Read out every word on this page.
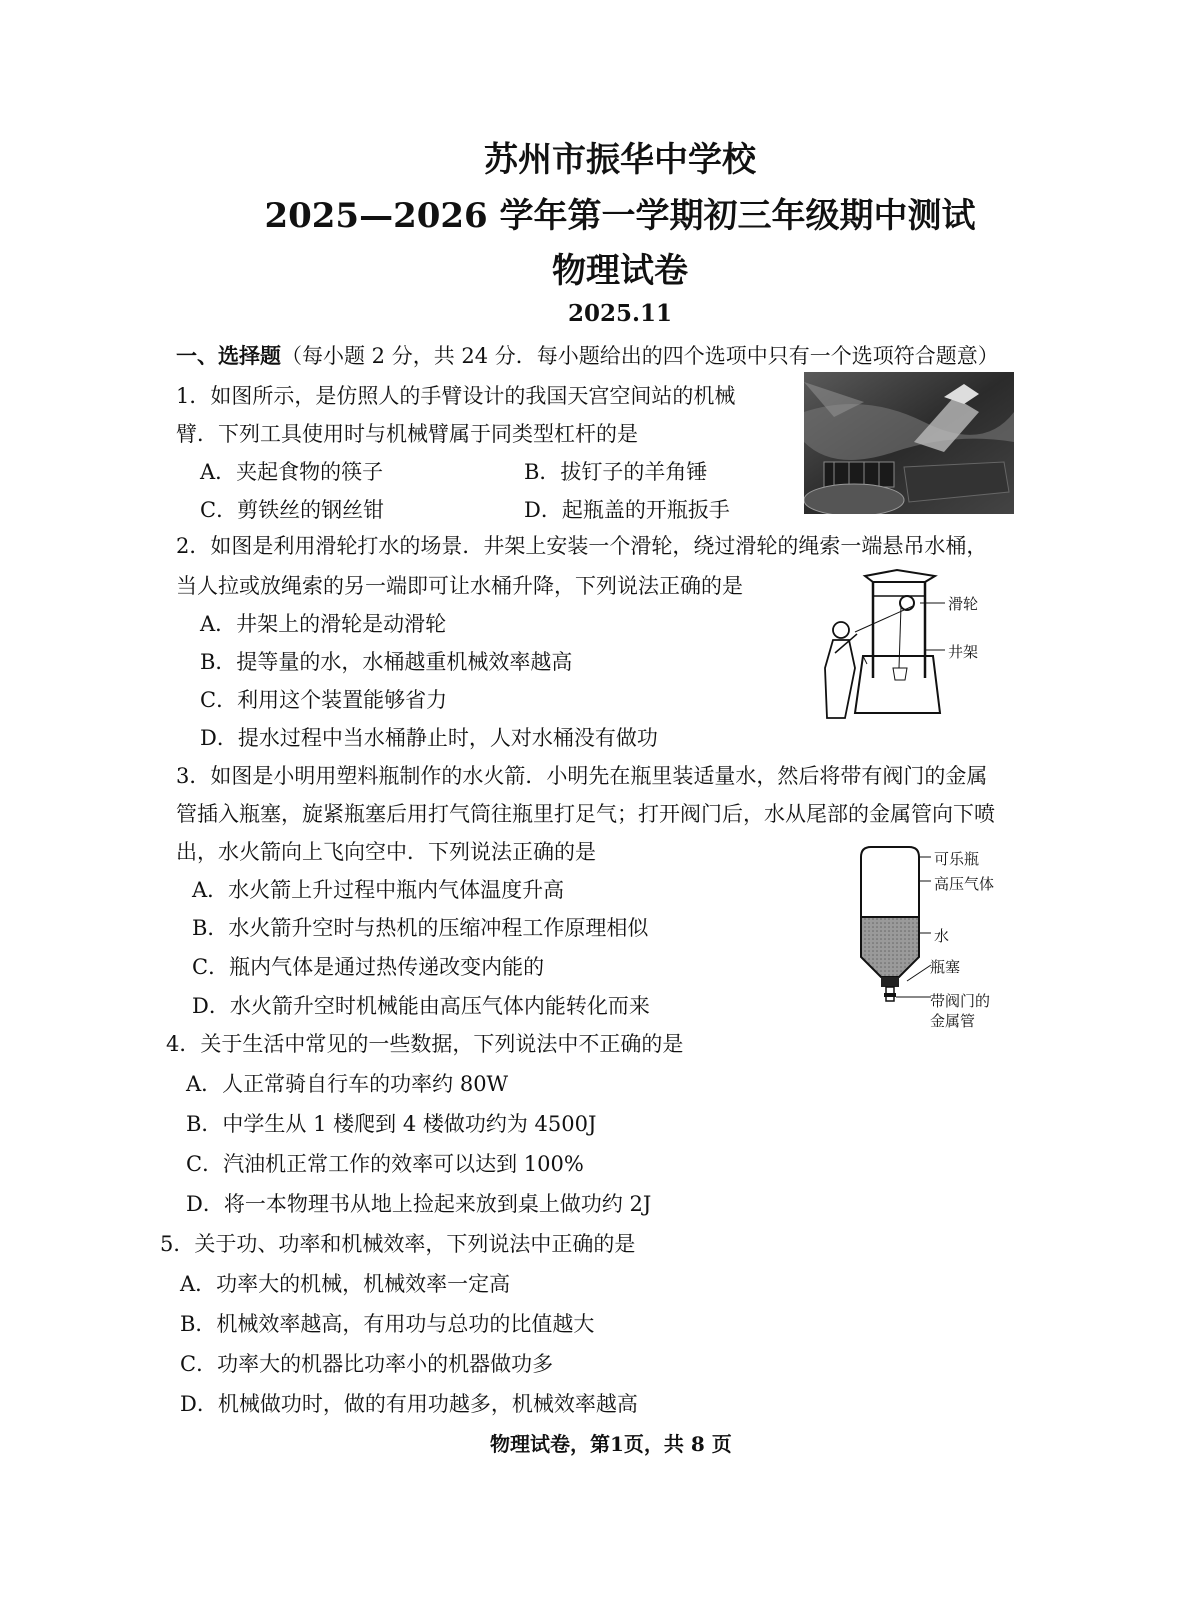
苏州市振华中学校
2025—2026 学年第一学期初三年级期中测试
物理试卷
2025.11
一、选择题（每小题 2 分，共 24 分．每小题给出的四个选项中只有一个选项符合题意）
1．如图所示，是仿照人的手臂设计的我国天宫空间站的机械
臂．下列工具使用时与机械臂属于同类型杠杆的是
A．夹起食物的筷子	B．拔钉子的羊角锤
C．剪铁丝的钢丝钳	D．起瓶盖的开瓶扳手
2．如图是利用滑轮打水的场景．井架上安装一个滑轮，绕过滑轮的绳索一端悬吊水桶，
当人拉或放绳索的另一端即可让水桶升降，下列说法正确的是
A．井架上的滑轮是动滑轮
B．提等量的水，水桶越重机械效率越高
C．利用这个装置能够省力
D．提水过程中当水桶静止时，人对水桶没有做功
滑轮
井架
3．如图是小明用塑料瓶制作的水火箭．小明先在瓶里装适量水，然后将带有阀门的金属
管插入瓶塞，旋紧瓶塞后用打气筒往瓶里打足气；打开阀门后，水从尾部的金属管向下喷
出，水火箭向上飞向空中．下列说法正确的是
A．水火箭上升过程中瓶内气体温度升高
B．水火箭升空时与热机的压缩冲程工作原理相似
C．瓶内气体是通过热传递改变内能的
D．水火箭升空时机械能由高压气体内能转化而来
可乐瓶
高压气体
水
瓶塞
带阀门的
金属管
4．关于生活中常见的一些数据，下列说法中不正确的是
A．人正常骑自行车的功率约 80W
B．中学生从 1 楼爬到 4 楼做功约为 4500J
C．汽油机正常工作的效率可以达到 100%
D．将一本物理书从地上捡起来放到桌上做功约 2J
5．关于功、功率和机械效率，下列说法中正确的是
A．功率大的机械，机械效率一定高
B．机械效率越高，有用功与总功的比值越大
C．功率大的机器比功率小的机器做功多
D．机械做功时，做的有用功越多，机械效率越高
物理试卷，第1页，共 8 页
